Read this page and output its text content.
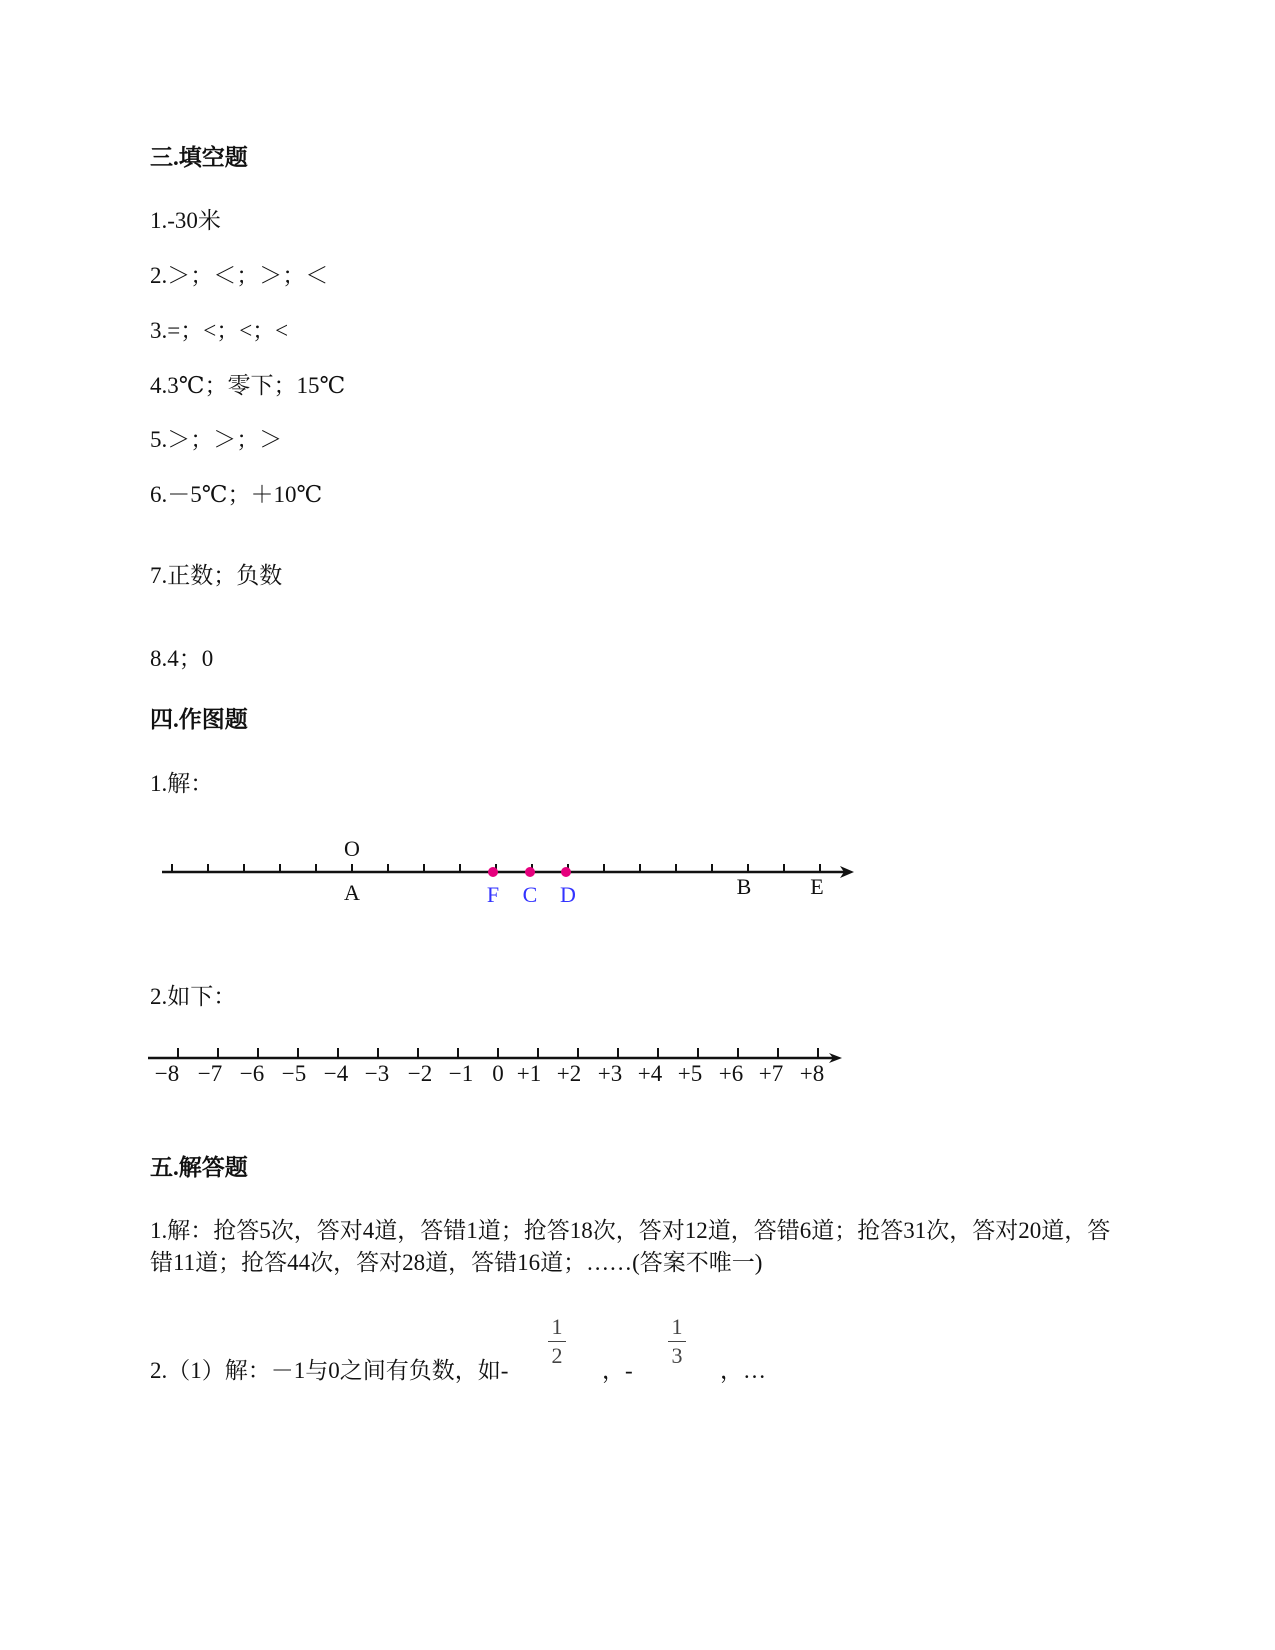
三.填空题
1.-30米
2.＞；＜；＞；＜
3.=；<；<；<
4.3℃；零下；15℃
5.＞；＞；＞
6.－5℃；＋10℃
7.正数；负数
8.4；0
四.作图题
1.解：
O
A	F C D	B	E
2.如下：
−8 −7 −6 −5 −4 −3 −2 −1 0 +1 +2 +3 +4 +5 +6 +7 +8
五.解答题
1.解：抢答5次，答对4道，答错1道；抢答18次，答对12道，答错6道；抢答31次，答对20道，答错11道；抢答44次，答对28道，答错16道；……(答案不唯一)
2.（1）解：－1与0之间有负数，如-
1
2
，-
1
3
，…
